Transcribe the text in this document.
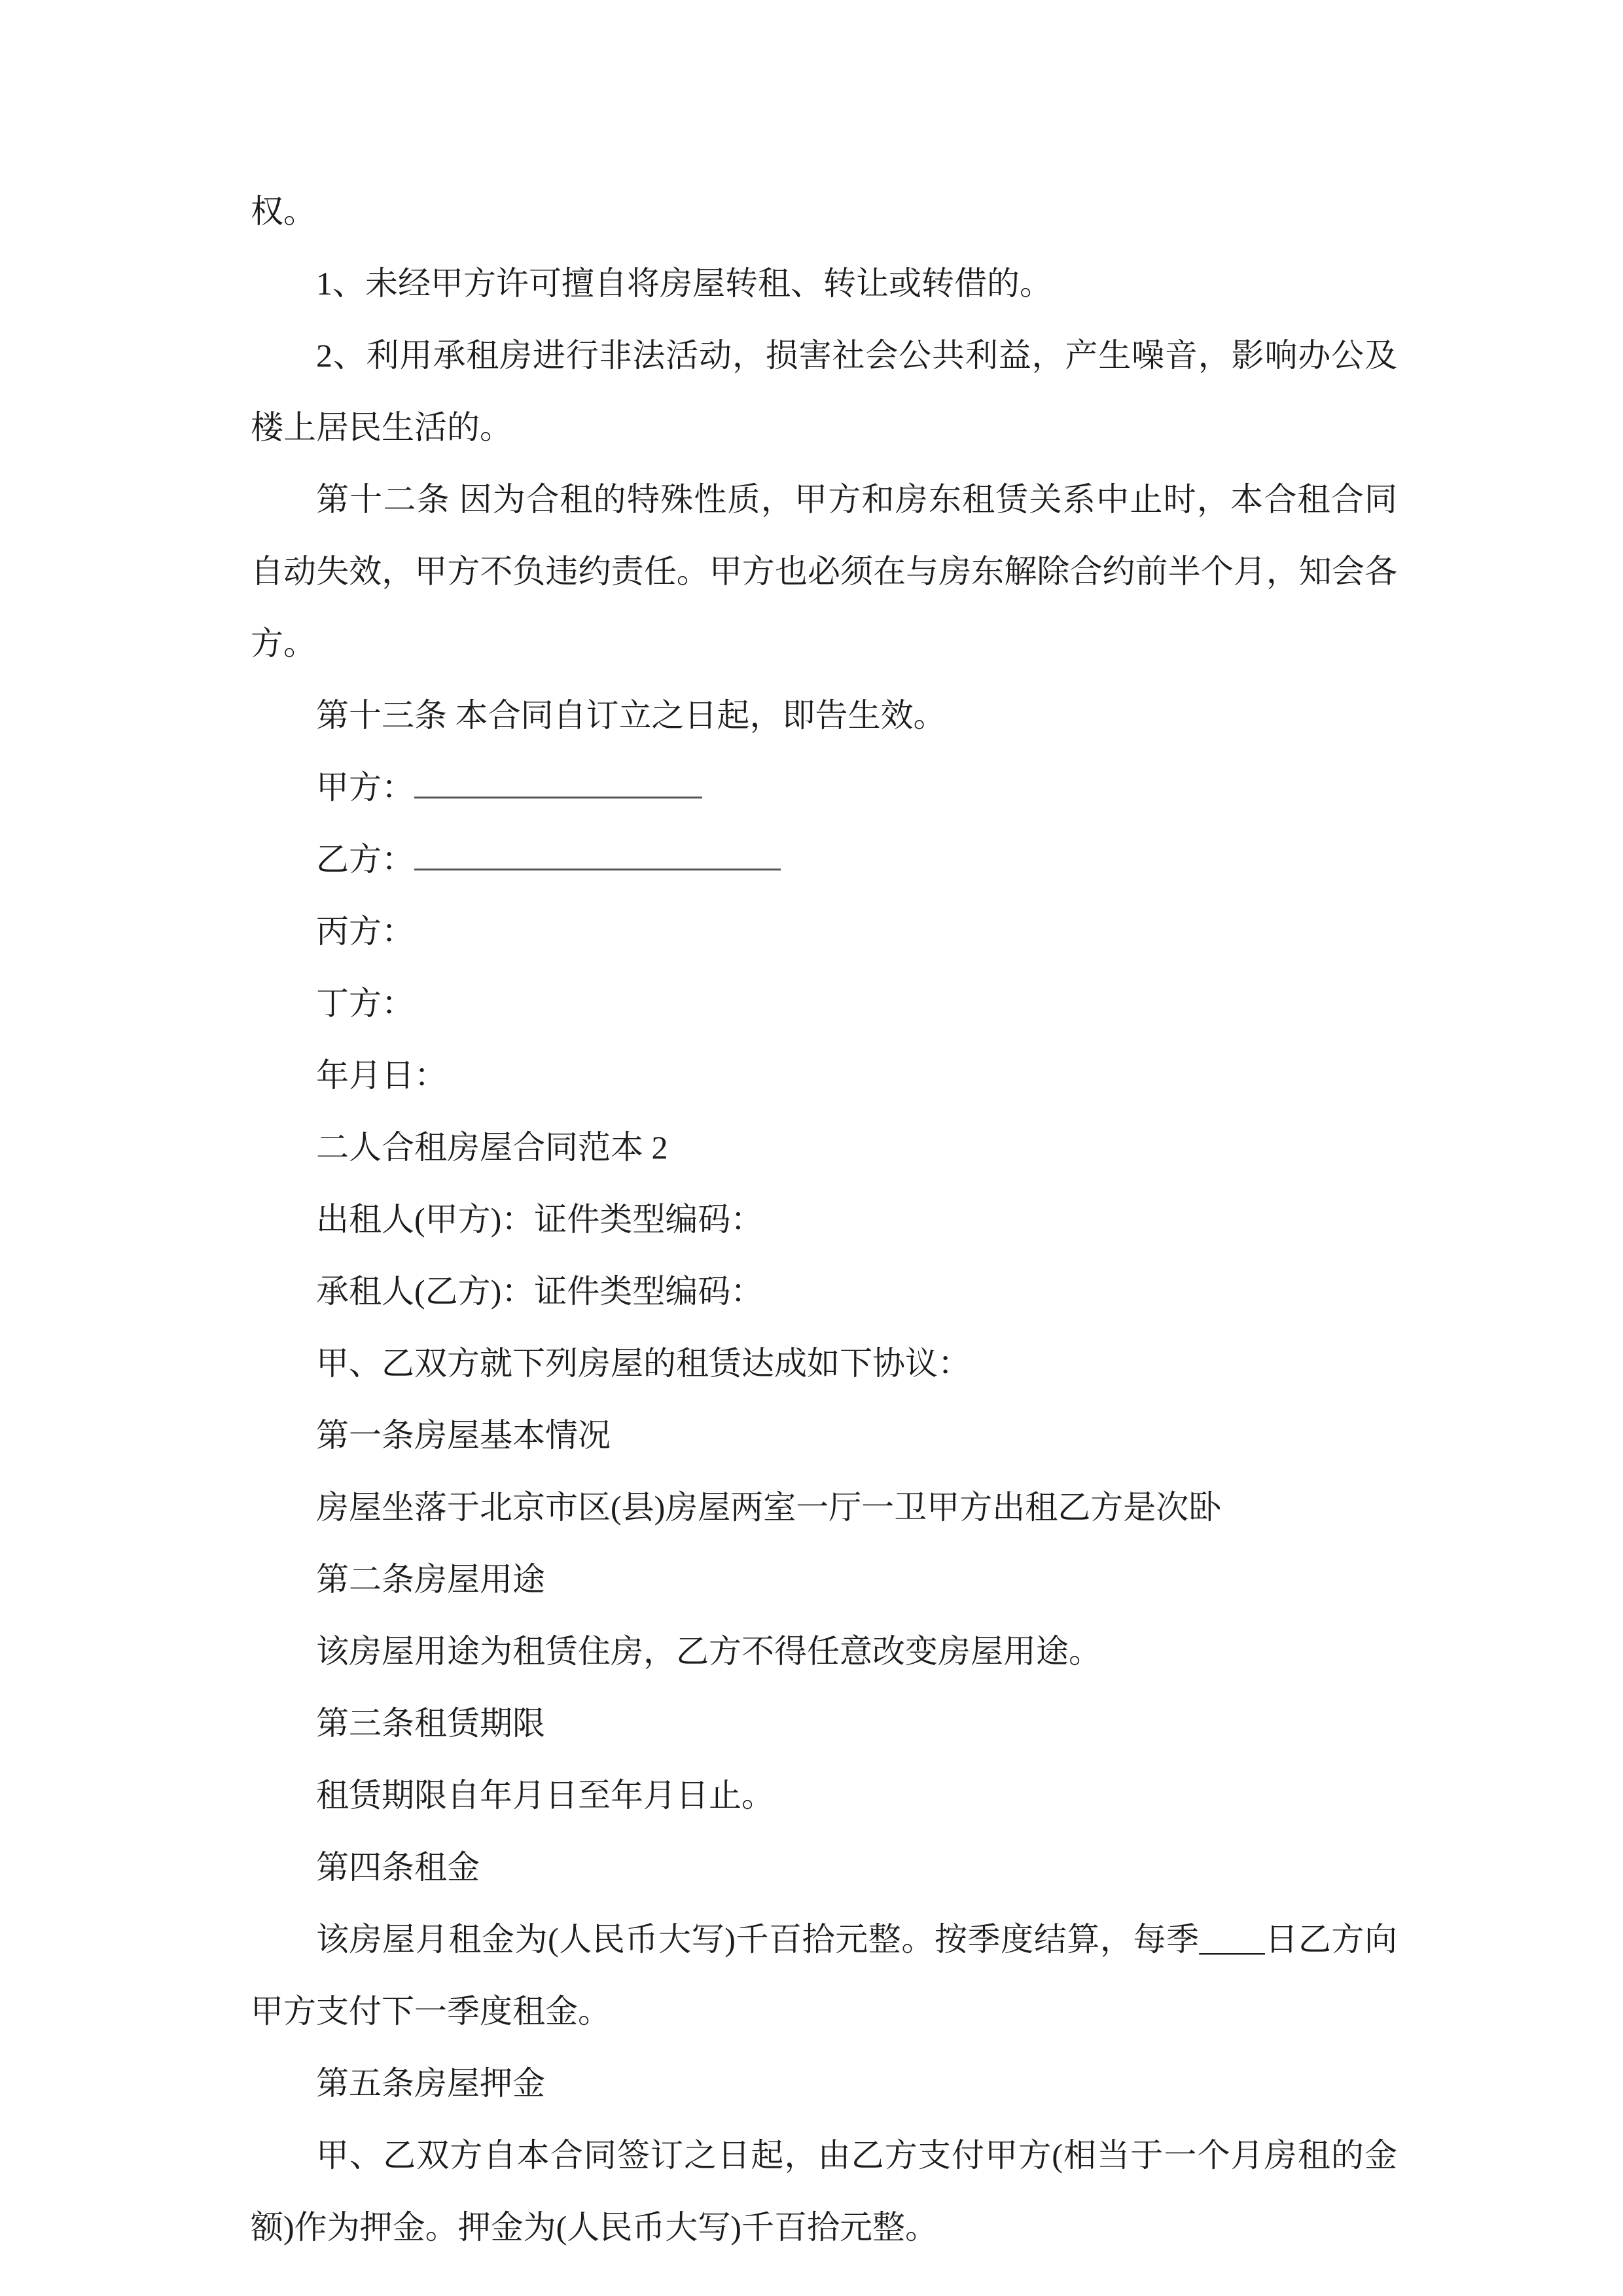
权。

1、未经甲方许可擅自将房屋转租、转让或转借的。

2、利用承租房进行非法活动，损害社会公共利益，产生噪音，影响办公及楼上居民生活的。

第十二条 因为合租的特殊性质，甲方和房东租赁关系中止时，本合租合同自动失效，甲方不负违约责任。甲方也必须在与房东解除合约前半个月，知会各方。

第十三条 本合同自订立之日起，即告生效。

甲方：

乙方：

丙方：

丁方：

年月日：

二人合租房屋合同范本 2

出租人(甲方)：证件类型编码：

承租人(乙方)：证件类型编码：

甲、乙双方就下列房屋的租赁达成如下协议：

第一条房屋基本情况

房屋坐落于北京市区(县)房屋两室一厅一卫甲方出租乙方是次卧

第二条房屋用途

该房屋用途为租赁住房，乙方不得任意改变房屋用途。

第三条租赁期限

租赁期限自年月日至年月日止。

第四条租金

该房屋月租金为(人民币大写)千百拾元整。按季度结算，每季____日乙方向甲方支付下一季度租金。

第五条房屋押金

甲、乙双方自本合同签订之日起，由乙方支付甲方(相当于一个月房租的金额)作为押金。押金为(人民币大写)千百拾元整。
